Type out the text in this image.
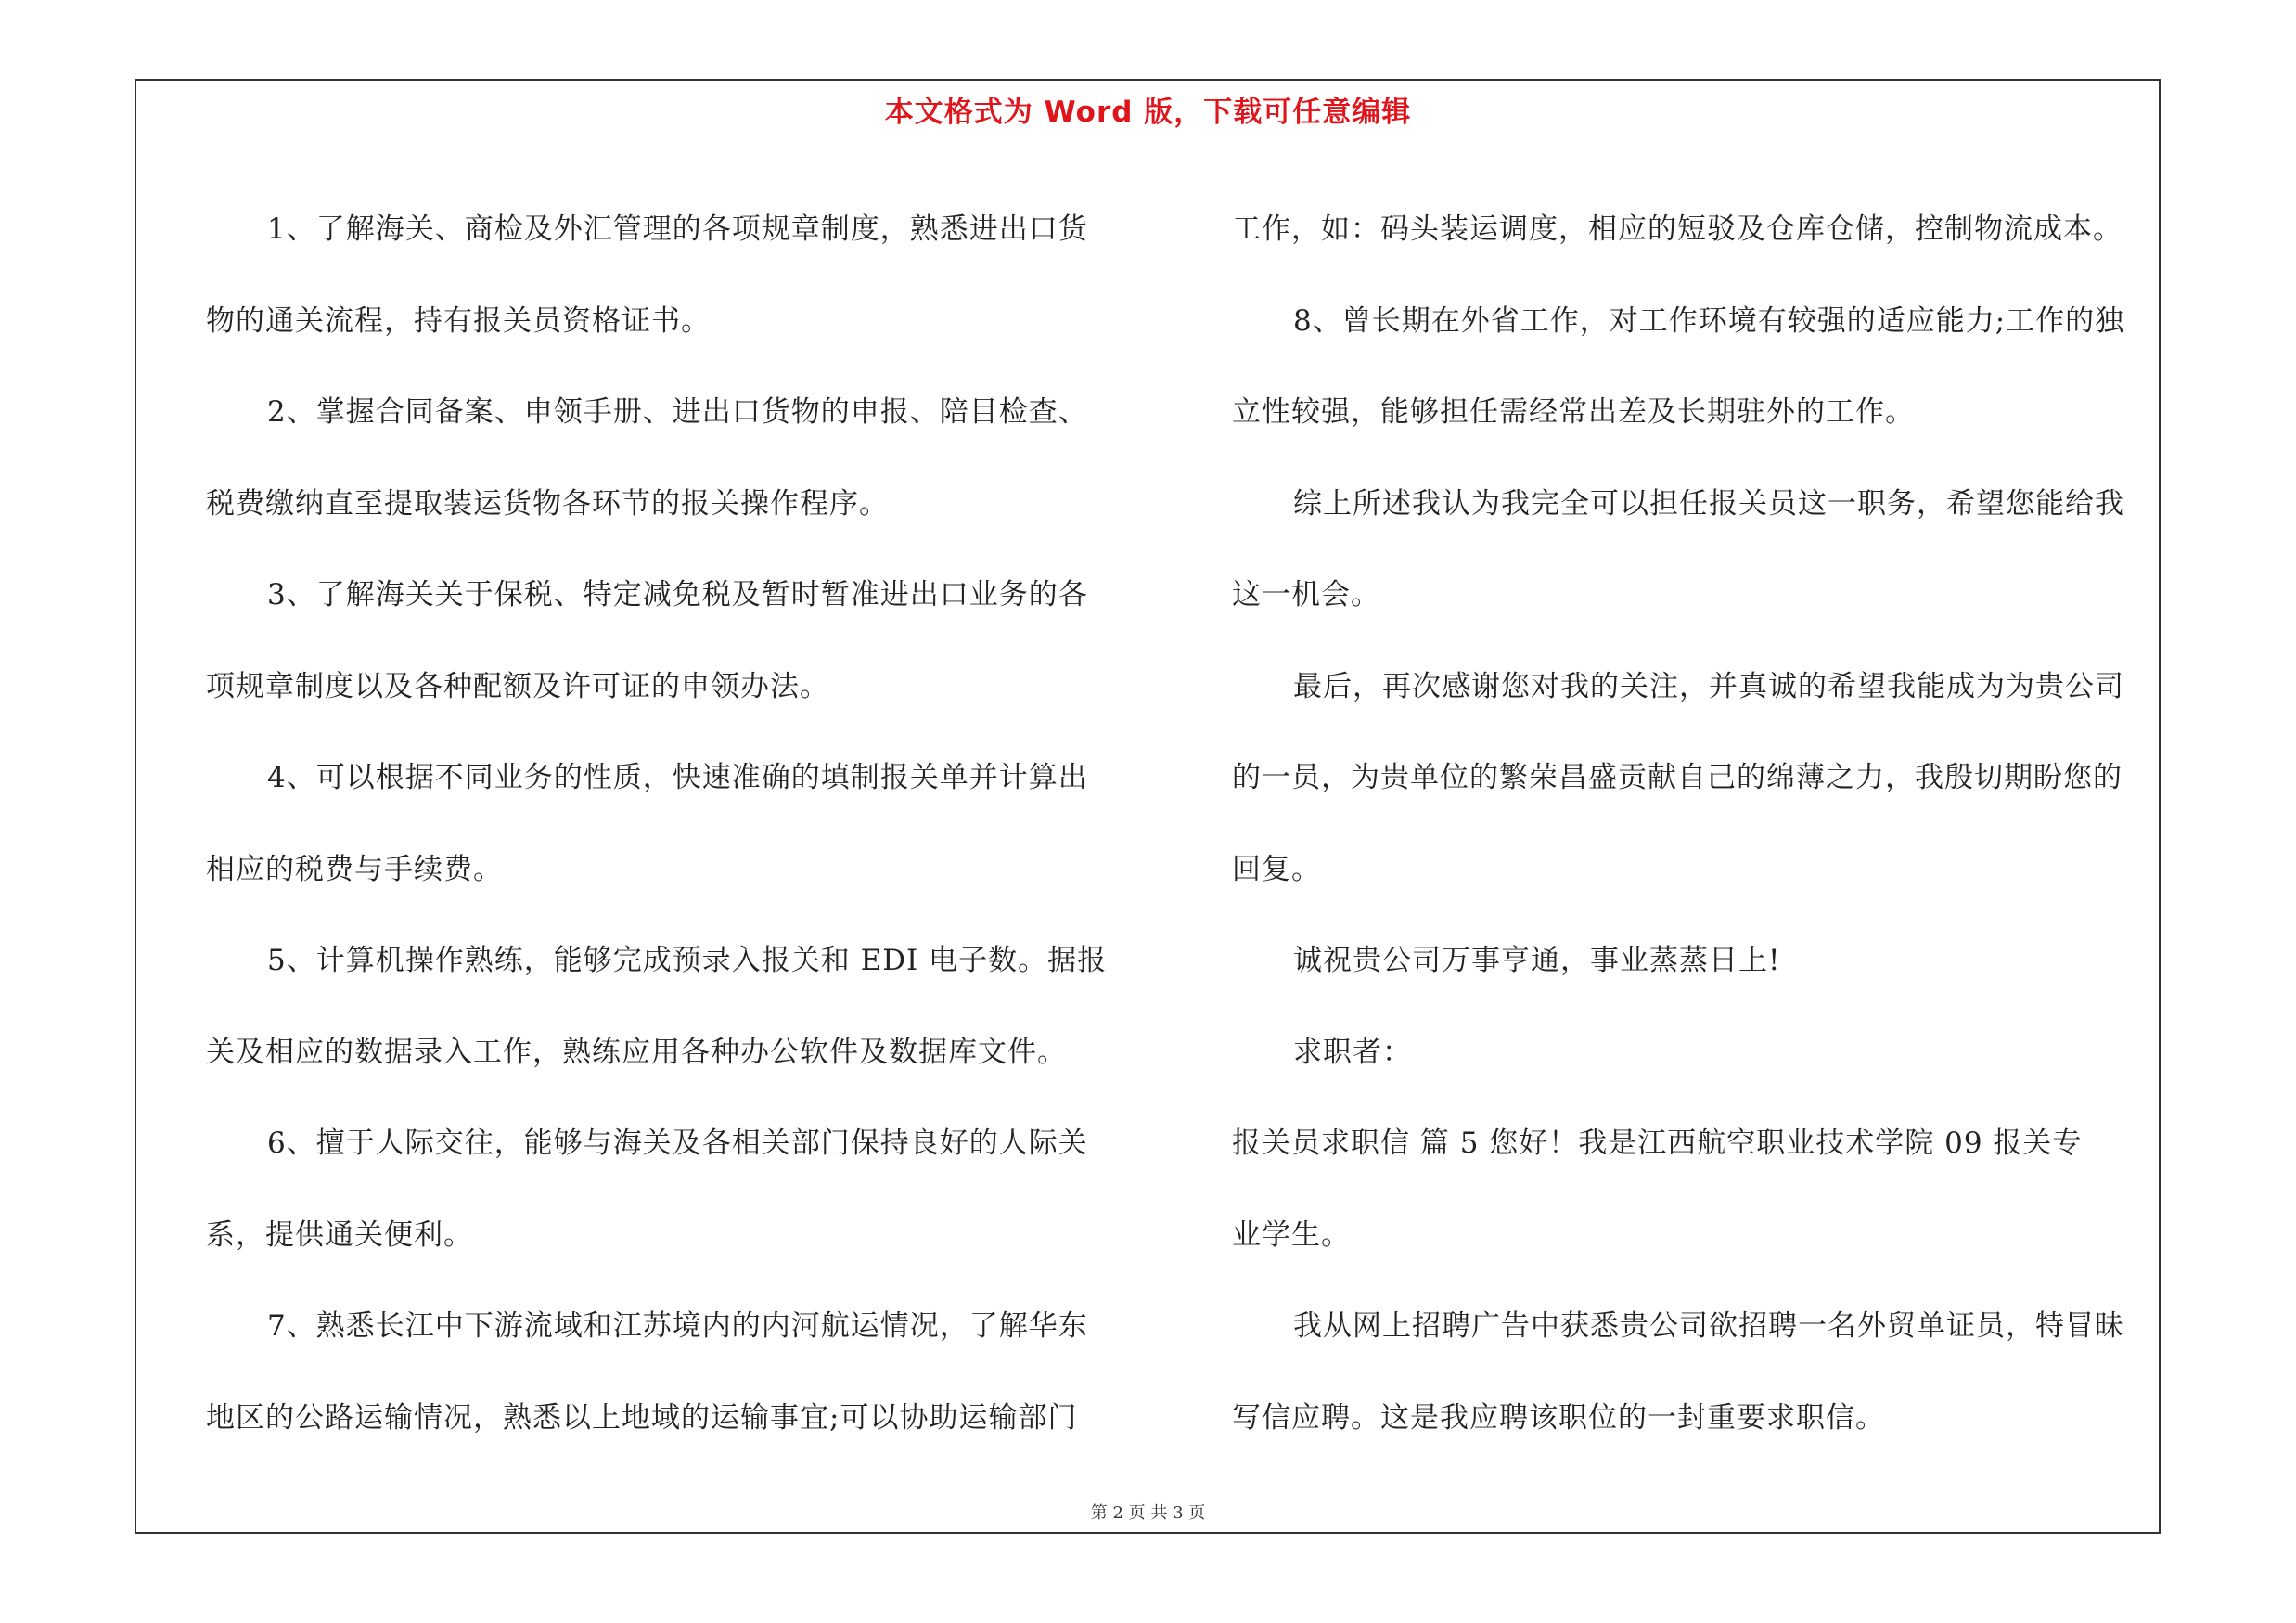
本文格式为 Word 版，下载可任意编辑
1、了解海关、商检及外汇管理的各项规章制度，熟悉进出口货
物的通关流程，持有报关员资格证书。
2、掌握合同备案、申领手册、进出口货物的申报、陪目检查、
税费缴纳直至提取装运货物各环节的报关操作程序。
3、了解海关关于保税、特定减免税及暂时暂准进出口业务的各
项规章制度以及各种配额及许可证的申领办法。
4、可以根据不同业务的性质，快速准确的填制报关单并计算出
相应的税费与手续费。
5、计算机操作熟练，能够完成预录入报关和 EDI 电子数。据报
关及相应的数据录入工作，熟练应用各种办公软件及数据库文件。
6、擅于人际交往，能够与海关及各相关部门保持良好的人际关
系，提供通关便利。
7、熟悉长江中下游流域和江苏境内的内河航运情况，了解华东
地区的公路运输情况，熟悉以上地域的运输事宜;可以协助运输部门
工作，如：码头装运调度，相应的短驳及仓库仓储，控制物流成本。
8、曾长期在外省工作，对工作环境有较强的适应能力;工作的独
立性较强，能够担任需经常出差及长期驻外的工作。
综上所述我认为我完全可以担任报关员这一职务，希望您能给我
这一机会。
最后，再次感谢您对我的关注，并真诚的希望我能成为为贵公司
的一员，为贵单位的繁荣昌盛贡献自己的绵薄之力，我殷切期盼您的
回复。
诚祝贵公司万事亨通，事业蒸蒸日上!
求职者：
报关员求职信 篇 5 您好！我是江西航空职业技术学院 09 报关专
业学生。
我从网上招聘广告中获悉贵公司欲招聘一名外贸单证员，特冒昧
写信应聘。这是我应聘该职位的一封重要求职信。
第 2 页 共 3 页
